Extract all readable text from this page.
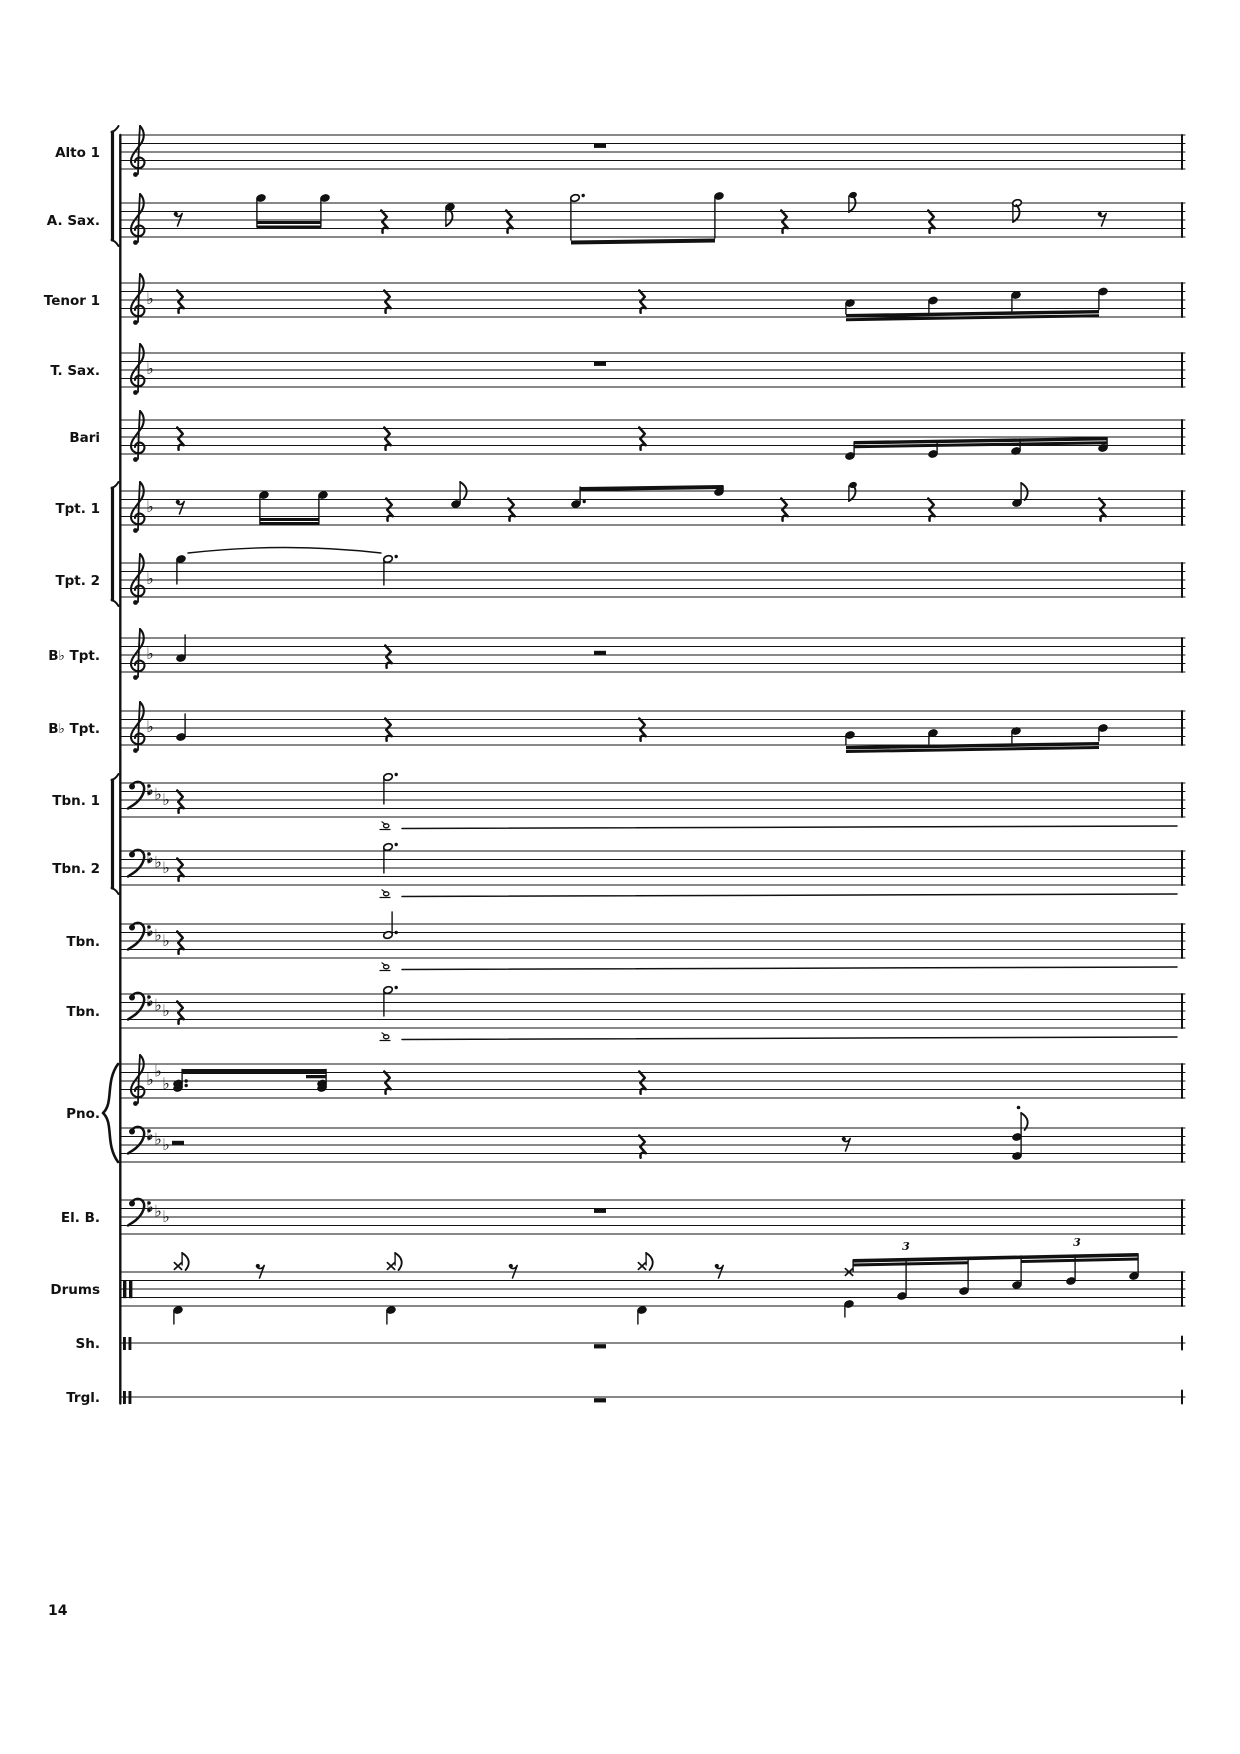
Alto 1
A. Sax.
Tenor 1	♭
T. Sax.	♭
Bari
Tpt. 1	♭
Tpt. 2	♭
B♭ Tpt.	♭
B♭ Tpt.	♭
Tbn. 1
♭ ♭ ♭
Tbn. 2
♭ ♭ ♭
Tbn.
♭ ♭ ♭
Tbn.
♭ ♭ ♭
♭ ♭
♭
♭ ♭ ♭
El. B.
♭ ♭ ♭
Drums
3	3
Sh.
Trgl.
Pno.
14
